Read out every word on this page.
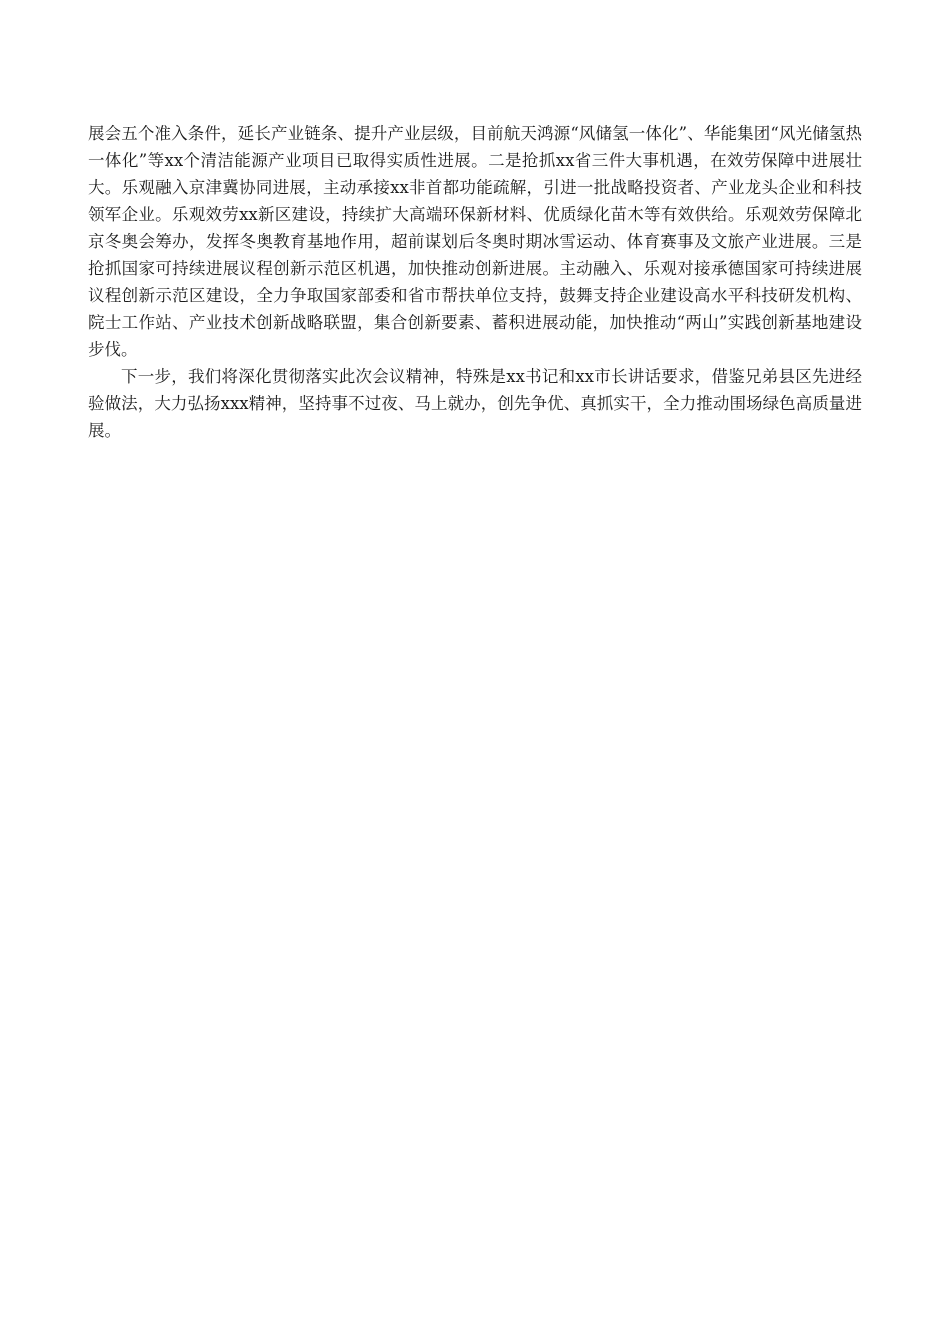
展会五个准入条件，延长产业链条、提升产业层级，目前航天鸿源“风储氢一体化”、华能集团“风光储氢热一体化”等xx个清洁能源产业项目已取得实质性进展。二是抢抓xx省三件大事机遇，在效劳保障中进展壮大。乐观融入京津冀协同进展，主动承接xx非首都功能疏解，引进一批战略投资者、产业龙头企业和科技领军企业。乐观效劳xx新区建设，持续扩大高端环保新材料、优质绿化苗木等有效供给。乐观效劳保障北京冬奥会筹办，发挥冬奥教育基地作用，超前谋划后冬奥时期冰雪运动、体育赛事及文旅产业进展。三是抢抓国家可持续进展议程创新示范区机遇，加快推动创新进展。主动融入、乐观对接承德国家可持续进展议程创新示范区建设，全力争取国家部委和省市帮扶单位支持，鼓舞支持企业建设高水平科技研发机构、院士工作站、产业技术创新战略联盟，集合创新要素、蓄积进展动能，加快推动“两山”实践创新基地建设步伐。

下一步，我们将深化贯彻落实此次会议精神，特殊是xx书记和xx市长讲话要求，借鉴兄弟县区先进经验做法，大力弘扬xxx精神，坚持事不过夜、马上就办，创先争优、真抓实干，全力推动围场绿色高质量进展。
